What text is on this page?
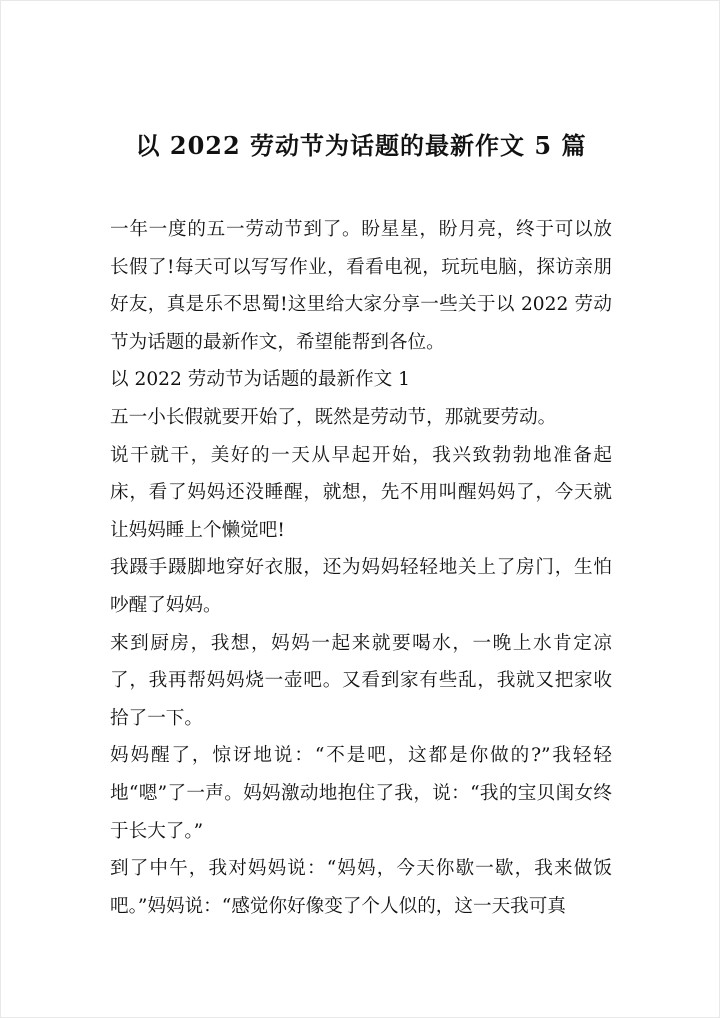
以 2022 劳动节为话题的最新作文 5 篇

一年一度的五一劳动节到了。盼星星，盼月亮，终于可以放长假了!每天可以写写作业，看看电视，玩玩电脑，探访亲朋好友，真是乐不思蜀!这里给大家分享一些关于以 2022 劳动节为话题的最新作文，希望能帮到各位。

以 2022 劳动节为话题的最新作文 1

五一小长假就要开始了，既然是劳动节，那就要劳动。

说干就干，美好的一天从早起开始，我兴致勃勃地准备起床，看了妈妈还没睡醒，就想，先不用叫醒妈妈了，今天就让妈妈睡上个懒觉吧!

我蹑手蹑脚地穿好衣服，还为妈妈轻轻地关上了房门，生怕吵醒了妈妈。

来到厨房，我想，妈妈一起来就要喝水，一晚上水肯定凉了，我再帮妈妈烧一壶吧。又看到家有些乱，我就又把家收拾了一下。

妈妈醒了，惊讶地说：“不是吧，这都是你做的?”我轻轻地“嗯”了一声。妈妈激动地抱住了我，说：“我的宝贝闺女终于长大了。”

到了中午，我对妈妈说：“妈妈，今天你歇一歇，我来做饭吧。”妈妈说：“感觉你好像变了个人似的，这一天我可真
